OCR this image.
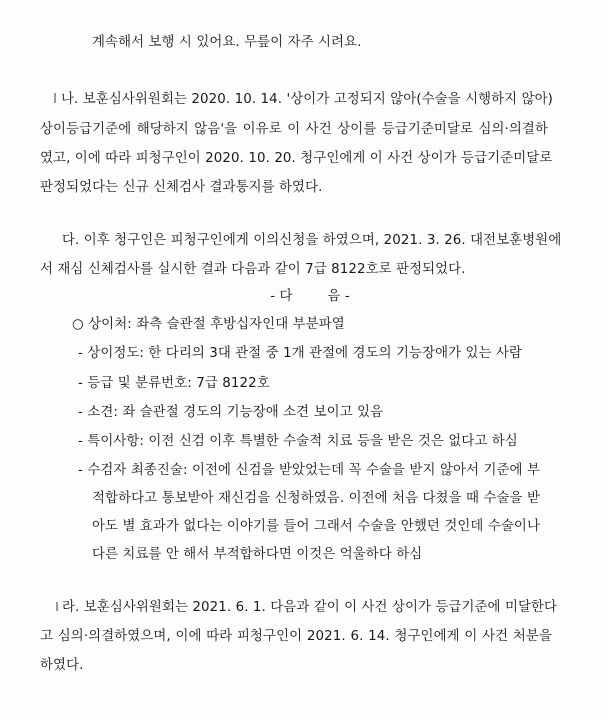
계속해서 보행 시 있어요. 무릎이 자주 시려요.
나. 보훈심사위원회는 2020. 10. 14. '상이가 고정되지 않아(수술을 시행하지 않아)
상이등급기준에 해당하지 않음'을 이유로 이 사건 상이를 등급기준미달로 심의·의결하
였고, 이에 따라 피청구인이 2020. 10. 20. 청구인에게 이 사건 상이가 등급기준미달로
판정되었다는 신규 신체검사 결과통지를 하였다.
다. 이후 청구인은 피청구인에게 이의신청을 하였으며, 2021. 3. 26. 대전보훈병원에
서 재심 신체검사를 실시한 결과 다음과 같이 7급 8122호로 판정되었다.
- 다        음 -
○ 상이처: 좌측 슬관절 후방십자인대 부분파열
- 상이정도: 한 다리의 3대 관절 중 1개 관절에 경도의 기능장애가 있는 사람
- 등급 및 분류번호: 7급 8122호
- 소견: 좌 슬관절 경도의 기능장애 소견 보이고 있음
- 특이사항: 이전 신검 이후 특별한 수술적 치료 등을 받은 것은 없다고 하심
- 수검자 최종진술: 이전에 신검을 받았었는데 꼭 수술을 받지 않아서 기준에 부
적합하다고 통보받아 재신검을 신청하였음. 이전에 처음 다쳤을 때 수술을 받
아도 별 효과가 없다는 이야기를 들어 그래서 수술을 안했던 것인데 수술이나
다른 치료를 안 해서 부적합하다면 이것은 억울하다 하심
라. 보훈심사위원회는 2021. 6. 1. 다음과 같이 이 사건 상이가 등급기준에 미달한다
고 심의·의결하였으며, 이에 따라 피청구인이 2021. 6. 14. 청구인에게 이 사건 처분을
하였다.
